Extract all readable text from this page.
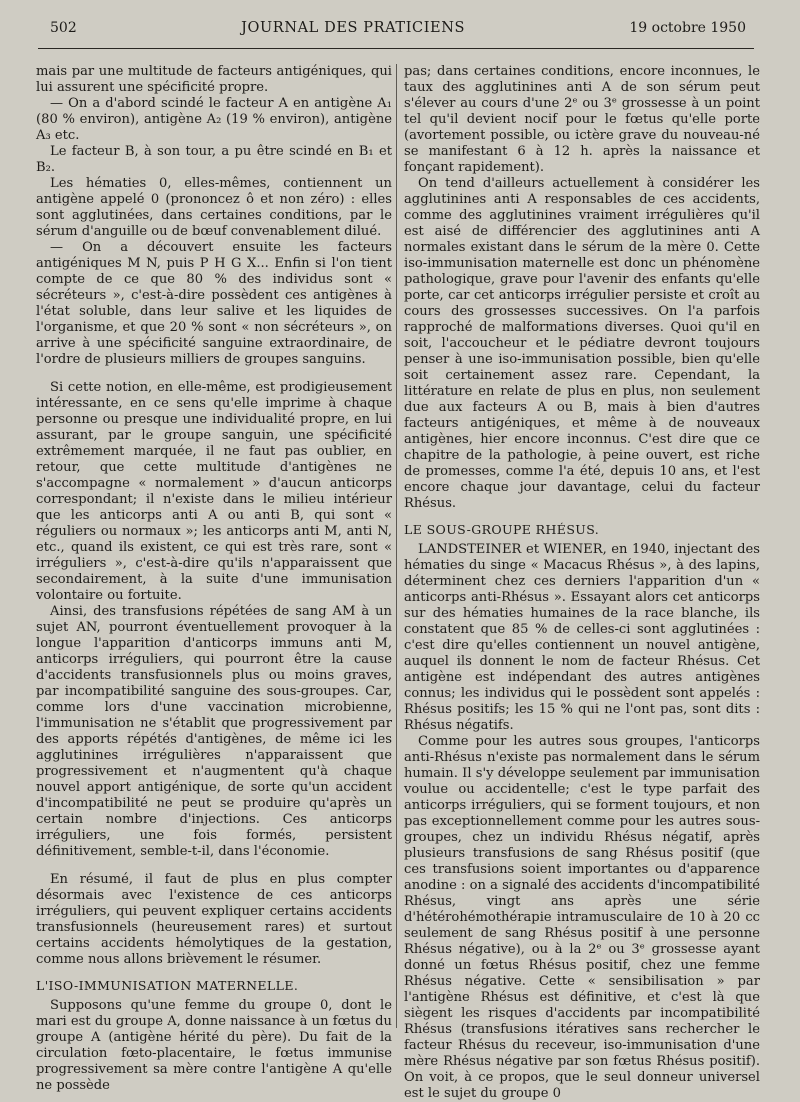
502	JOURNAL DES PRATICIENS	19 octobre 1950

mais par une multitude de facteurs antigéniques, qui lui assurent une spécificité propre.

— On a d'abord scindé le facteur A en antigène A₁ (80 % environ), antigène A₂ (19 % environ), antigène A₃ etc.

Le facteur B, à son tour, a pu être scindé en B₁ et B₂.

Les hématies 0, elles-mêmes, contiennent un antigène appelé 0 (prononcez ô et non zéro) : elles sont agglutinées, dans certaines conditions, par le sérum d'anguille ou de bœuf convenablement dilué.

— On a découvert ensuite les facteurs antigéniques M N, puis P H G X... Enfin si l'on tient compte de ce que 80 % des individus sont « sécréteurs », c'est-à-dire possèdent ces antigènes à l'état soluble, dans leur salive et les liquides de l'organisme, et que 20 % sont « non sécréteurs », on arrive à une spécificité sanguine extraordinaire, de l'ordre de plusieurs milliers de groupes sanguins.

Si cette notion, en elle-même, est prodigieusement intéressante, en ce sens qu'elle imprime à chaque personne ou presque une individualité propre, en lui assurant, par le groupe sanguin, une spécificité extrêmement marquée, il ne faut pas oublier, en retour, que cette multitude d'antigènes ne s'accompagne « normalement » d'aucun anticorps correspondant; il n'existe dans le milieu intérieur que les anticorps anti A ou anti B, qui sont « réguliers ou normaux »; les anticorps anti M, anti N, etc., quand ils existent, ce qui est très rare, sont « irréguliers », c'est-à-dire qu'ils n'apparaissent que secondairement, à la suite d'une immunisation volontaire ou fortuite.

Ainsi, des transfusions répétées de sang AM à un sujet AN, pourront éventuellement provoquer à la longue l'apparition d'anticorps immuns anti M, anticorps irréguliers, qui pourront être la cause d'accidents transfusionnels plus ou moins graves, par incompatibilité sanguine des sous-groupes. Car, comme lors d'une vaccination microbienne, l'immunisation ne s'établit que progressivement par des apports répétés d'antigènes, de même ici les agglutinines irrégulières n'apparaissent que progressivement et n'augmentent qu'à chaque nouvel apport antigénique, de sorte qu'un accident d'incompatibilité ne peut se produire qu'après un certain nombre d'injections. Ces anticorps irréguliers, une fois formés, persistent définitivement, semble-t-il, dans l'économie.

En résumé, il faut de plus en plus compter désormais avec l'existence de ces anticorps irréguliers, qui peuvent expliquer certains accidents transfusionnels (heureusement rares) et surtout certains accidents hémolytiques de la gestation, comme nous allons brièvement le résumer.

L'ISO-IMMUNISATION MATERNELLE.

Supposons qu'une femme du groupe 0, dont le mari est du groupe A, donne naissance à un fœtus du groupe A (antigène hérité du père). Du fait de la circulation fœto-placentaire, le fœtus immunise progressivement sa mère contre l'antigène A qu'elle ne possède

pas; dans certaines conditions, encore inconnues, le taux des agglutinines anti A de son sérum peut s'élever au cours d'une 2ᵉ ou 3ᵉ grossesse à un point tel qu'il devient nocif pour le fœtus qu'elle porte (avortement possible, ou ictère grave du nouveau-né se manifestant 6 à 12 h. après la naissance et fonçant rapidement).

On tend d'ailleurs actuellement à considérer les agglutinines anti A responsables de ces accidents, comme des agglutinines vraiment irrégulières qu'il est aisé de différencier des agglutinines anti A normales existant dans le sérum de la mère 0. Cette iso-immunisation maternelle est donc un phénomène pathologique, grave pour l'avenir des enfants qu'elle porte, car cet anticorps irrégulier persiste et croît au cours des grossesses successives. On l'a parfois rapproché de malformations diverses. Quoi qu'il en soit, l'accoucheur et le pédiatre devront toujours penser à une iso-immunisation possible, bien qu'elle soit certainement assez rare. Cependant, la littérature en relate de plus en plus, non seulement due aux facteurs A ou B, mais à bien d'autres facteurs antigéniques, et même à de nouveaux antigènes, hier encore inconnus. C'est dire que ce chapitre de la pathologie, à peine ouvert, est riche de promesses, comme l'a été, depuis 10 ans, et l'est encore chaque jour davantage, celui du facteur Rhésus.

LE SOUS-GROUPE RHÉSUS.

LANDSTEINER et WIENER, en 1940, injectant des hématies du singe « Macacus Rhésus », à des lapins, déterminent chez ces derniers l'apparition d'un « anticorps anti-Rhésus ». Essayant alors cet anticorps sur des hématies humaines de la race blanche, ils constatent que 85 % de celles-ci sont agglutinées : c'est dire qu'elles contiennent un nouvel antigène, auquel ils donnent le nom de facteur Rhésus. Cet antigène est indépendant des autres antigènes connus; les individus qui le possèdent sont appelés : Rhésus positifs; les 15 % qui ne l'ont pas, sont dits : Rhésus négatifs.

Comme pour les autres sous groupes, l'anticorps anti-Rhésus n'existe pas normalement dans le sérum humain. Il s'y développe seulement par immunisation voulue ou accidentelle; c'est le type parfait des anticorps irréguliers, qui se forment toujours, et non pas exceptionnellement comme pour les autres sous-groupes, chez un individu Rhésus négatif, après plusieurs transfusions de sang Rhésus positif (que ces transfusions soient importantes ou d'apparence anodine : on a signalé des accidents d'incompatibilité Rhésus, vingt ans après une série d'hétérohémothérapie intramusculaire de 10 à 20 cc seulement de sang Rhésus positif à une personne Rhésus négative), ou à la 2ᵉ ou 3ᵉ grossesse ayant donné un fœtus Rhésus positif, chez une femme Rhésus négative. Cette « sensibilisation » par l'antigène Rhésus est définitive, et c'est là que siègent les risques d'accidents par incompatibilité Rhésus (transfusions itératives sans rechercher le facteur Rhésus du receveur, iso-immunisation d'une mère Rhésus négative par son fœtus Rhésus positif). On voit, à ce propos, que le seul donneur universel est le sujet du groupe 0
